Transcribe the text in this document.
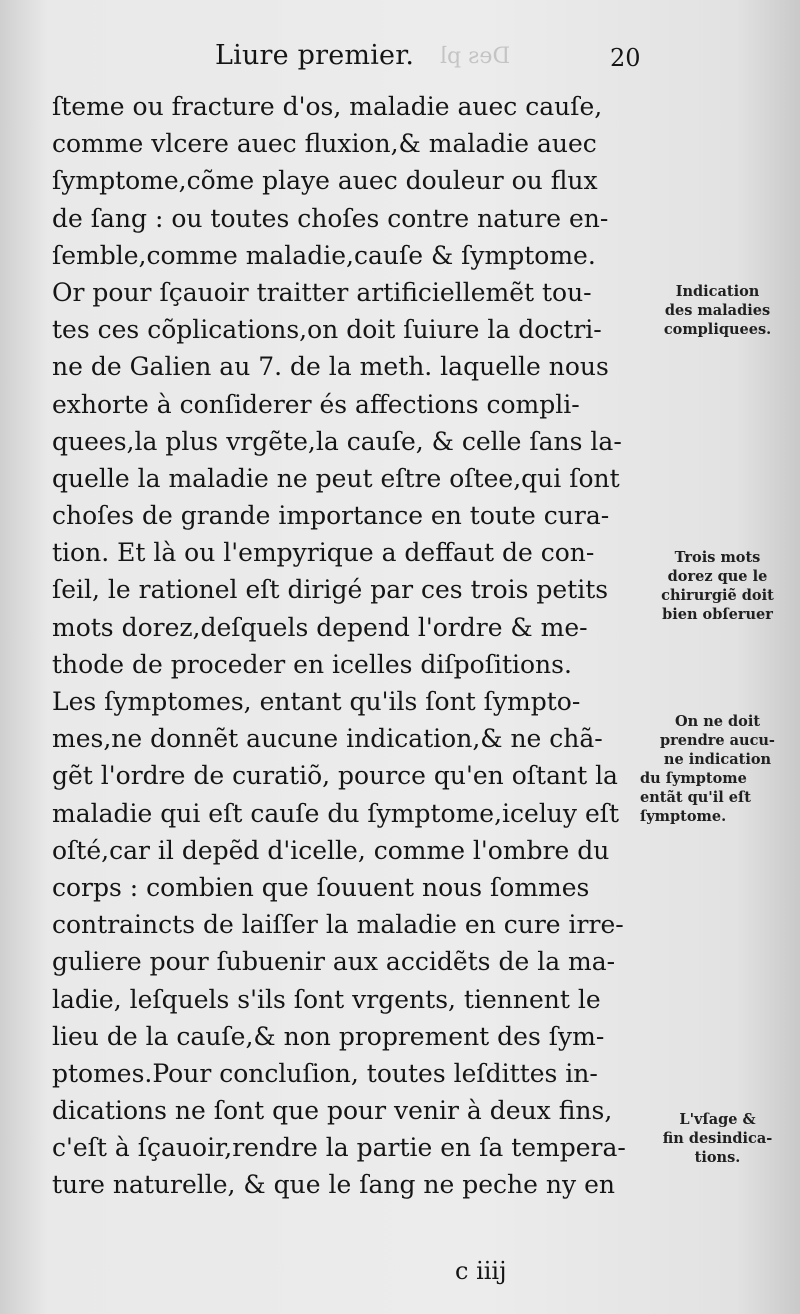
Des pl
Liure premier.	20
ſteme ou fracture d'os, maladie auec cauſe,
comme vlcere auec fluxion,& maladie auec
ſymptome,cõme playe auec douleur ou flux
de ſang : ou toutes choſes contre nature en-
ſemble,comme maladie,cauſe & ſymptome.
Or pour ſçauoir traitter artificiellemẽt tou-
tes ces cõplications,on doit ſuiure la doctri-
ne de Galien au 7. de la meth. laquelle nous
exhorte à conſiderer és affections compli-
quees,la plus vrgẽte,la cauſe, & celle ſans la-
quelle la maladie ne peut eſtre oſtee,qui ſont
choſes de grande importance en toute cura-
tion. Et là ou l'empyrique a deffaut de con-
ſeil, le rationel eſt dirigé par ces trois petits
mots dorez,deſquels depend l'ordre & me-
thode de proceder en icelles diſpoſitions.
Les ſymptomes, entant qu'ils ſont ſympto-
mes,ne donnẽt aucune indication,& ne chã-
gẽt l'ordre de curatiõ, pource qu'en oſtant la
maladie qui eſt cauſe du ſymptome,iceluy eſt
oſté,car il depẽd d'icelle, comme l'ombre du
corps : combien que ſouuent nous ſommes
contraincts de laiſſer la maladie en cure irre-
guliere pour ſubuenir aux accidẽts de la ma-
ladie, leſquels s'ils ſont vrgents, tiennent le
lieu de la cauſe,& non proprement des ſym-
ptomes.Pour concluſion, toutes leſdittes in-
dications ne ſont que pour venir à deux fins,
c'eſt à ſçauoir,rendre la partie en ſa tempera-
ture naturelle, & que le ſang ne peche ny en
Indication
des maladies
compliquees.
Trois mots
dorez que le
chirurgiẽ doit
bien obſeruer
On ne doit
prendre aucu-
ne indication
du ſymptome
entãt qu'il eſt
ſymptome.
L'vſage &
fin desindica-
tions.
c iiij
